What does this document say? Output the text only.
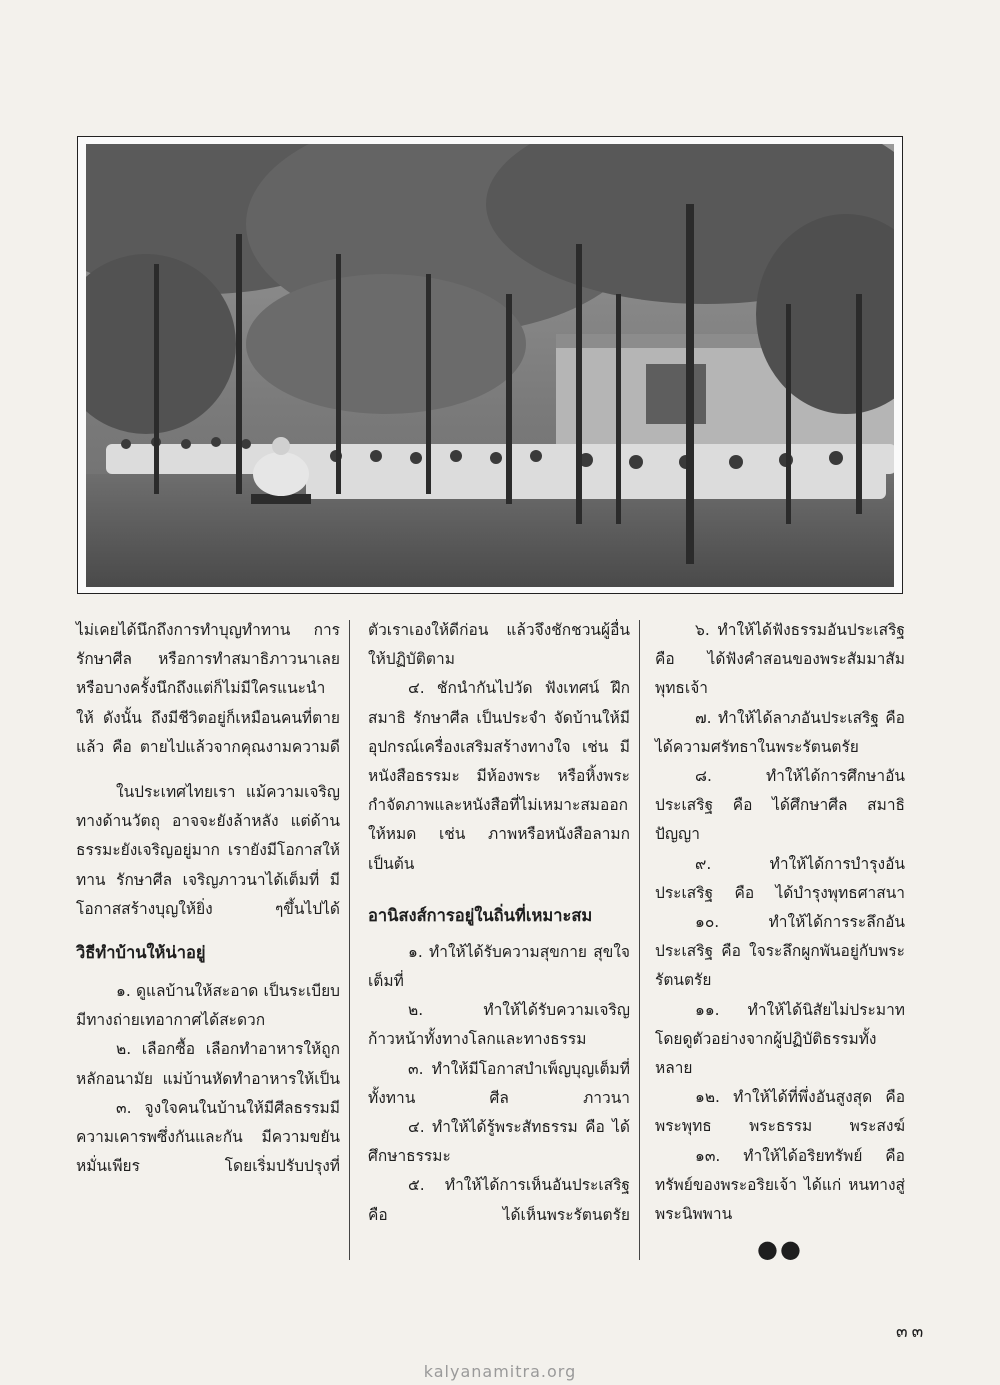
ไม่เคยได้นึกถึงการทำบุญทำทาน การรักษาศีล หรือการทำสมาธิภาวนาเลย หรือบางครั้งนึกถึงแต่ก็ไม่มีใครแนะนำให้ ดังนั้น ถึงมีชีวิตอยู่ก็เหมือนคนที่ตายแล้ว คือ ตายไปแล้วจากคุณงามความดี

ในประเทศไทยเรา แม้ความเจริญทางด้านวัตถุ อาจจะยังล้าหลัง แต่ด้านธรรมะยังเจริญอยู่มาก เรายังมีโอกาสให้ทาน รักษาศีล เจริญภาวนาได้เต็มที่ มีโอกาสสร้างบุญให้ยิ่ง ๆขึ้นไปได้

วิธีทำบ้านให้น่าอยู่

๑. ดูแลบ้านให้สะอาด เป็นระเบียบมีทางถ่ายเทอากาศได้สะดวก

๒. เลือกซื้อ เลือกทำอาหารให้ถูกหลักอนามัย แม่บ้านหัดทำอาหารให้เป็น

๓. จูงใจคนในบ้านให้มีศีลธรรมมีความเคารพซึ่งกันและกัน มีความขยันหมั่นเพียร โดยเริ่มปรับปรุงที่

ตัวเราเองให้ดีก่อน แล้วจึงชักชวนผู้อื่นให้ปฏิบัติตาม

๔. ชักนำกันไปวัด ฟังเทศน์ ฝึกสมาธิ รักษาศีล เป็นประจำ จัดบ้านให้มีอุปกรณ์เครื่องเสริมสร้างทางใจ เช่น มีหนังสือธรรมะ มีห้องพระ หรือหิ้งพระ กำจัดภาพและหนังสือที่ไม่เหมาะสมออกให้หมด เช่น ภาพหรือหนังสือลามก เป็นต้น

อานิสงส์การอยู่ในถิ่นที่เหมาะสม

๑. ทำให้ได้รับความสุขกาย สุขใจเต็มที่

๒. ทำให้ได้รับความเจริญก้าวหน้าทั้งทางโลกและทางธรรม

๓. ทำให้มีโอกาสบำเพ็ญบุญเต็มที่ ทั้งทาน ศีล ภาวนา

๔. ทำให้ได้รู้พระสัทธรรม คือ ได้ศึกษาธรรมะ

๕. ทำให้ได้การเห็นอันประเสริฐ คือ ได้เห็นพระรัตนตรัย

๖. ทำให้ได้ฟังธรรมอันประเสริฐ คือ ได้ฟังคำสอนของพระสัมมาสัมพุทธเจ้า

๗. ทำให้ได้ลาภอันประเสริฐ คือ ได้ความศรัทธาในพระรัตนตรัย

๘. ทำให้ได้การศึกษาอันประเสริฐ คือ ได้ศึกษาศีล สมาธิ ปัญญา

๙. ทำให้ได้การบำรุงอันประเสริฐ คือ ได้บำรุงพุทธศาสนา

๑๐. ทำให้ได้การระลึกอันประเสริฐ คือ ใจระลึกผูกพันอยู่กับพระรัตนตรัย

๑๑. ทำให้ได้นิสัยไม่ประมาท โดยดูตัวอย่างจากผู้ปฏิบัติธรรมทั้งหลาย

๑๒. ทำให้ได้ที่พึ่งอันสูงสุด คือ พระพุทธ พระธรรม พระสงฆ์

๑๓. ทำให้ได้อริยทรัพย์ คือ ทรัพย์ของพระอริยเจ้า ได้แก่ หนทางสู่พระนิพพาน

●●
๓๓
kalyanamitra.org
